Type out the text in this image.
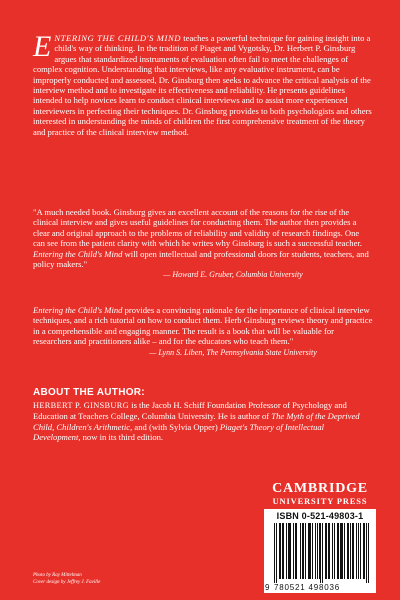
ENTERING THE CHILD'S MIND teaches a powerful technique for gaining insight into a child's way of thinking. In the tradition of Piaget and Vygotsky, Dr. Herbert P. Ginsburg argues that standardized instruments of evaluation often fail to meet the challenges of complex cognition. Understanding that interviews, like any evaluative instrument, can be improperly conducted and assessed, Dr. Ginsburg then seeks to advance the critical analysis of the interview method and to investigate its effectiveness and reliability. He presents guidelines intended to help novices learn to conduct clinical interviews and to assist more experienced interviewers in perfecting their techniques. Dr. Ginsburg provides to both psychologists and others interested in understanding the minds of children the first comprehensive treatment of the theory and practice of the clinical interview method.

"A much needed book. Ginsburg gives an excellent account of the reasons for the rise of the clinical interview and gives useful guidelines for conducting them. The author then provides a clear and original approach to the problems of reliability and validity of research findings. One can see from the patient clarity with which he writes why Ginsburg is such a successful teacher. Entering the Child's Mind will open intellectual and professional doors for students, teachers, and policy makers."
— Howard E. Gruber, Columbia University

Entering the Child's Mind provides a convincing rationale for the importance of clinical interview techniques, and a rich tutorial on how to conduct them. Herb Ginsburg reviews theory and practice in a comprehensible and engaging manner. The result is a book that will be valuable for researchers and practitioners alike – and for the educators who teach them."
— Lynn S. Liben, The Pennsylvania State University

ABOUT THE AUTHOR:

HERBERT P. GINSBURG is the Jacob H. Schiff Foundation Professor of Psychology and Education at Teachers College, Columbia University. He is author of The Myth of the Deprived Child, Children's Arithmetic, and (with Sylvia Opper) Piaget's Theory of Intellectual Development, now in its third edition.

CAMBRIDGE
UNIVERSITY PRESS
ISBN 0-521-49803-1
9 780521 498036
Photo by Ray Mittelman
Cover design by Jeffrey J. Faville
